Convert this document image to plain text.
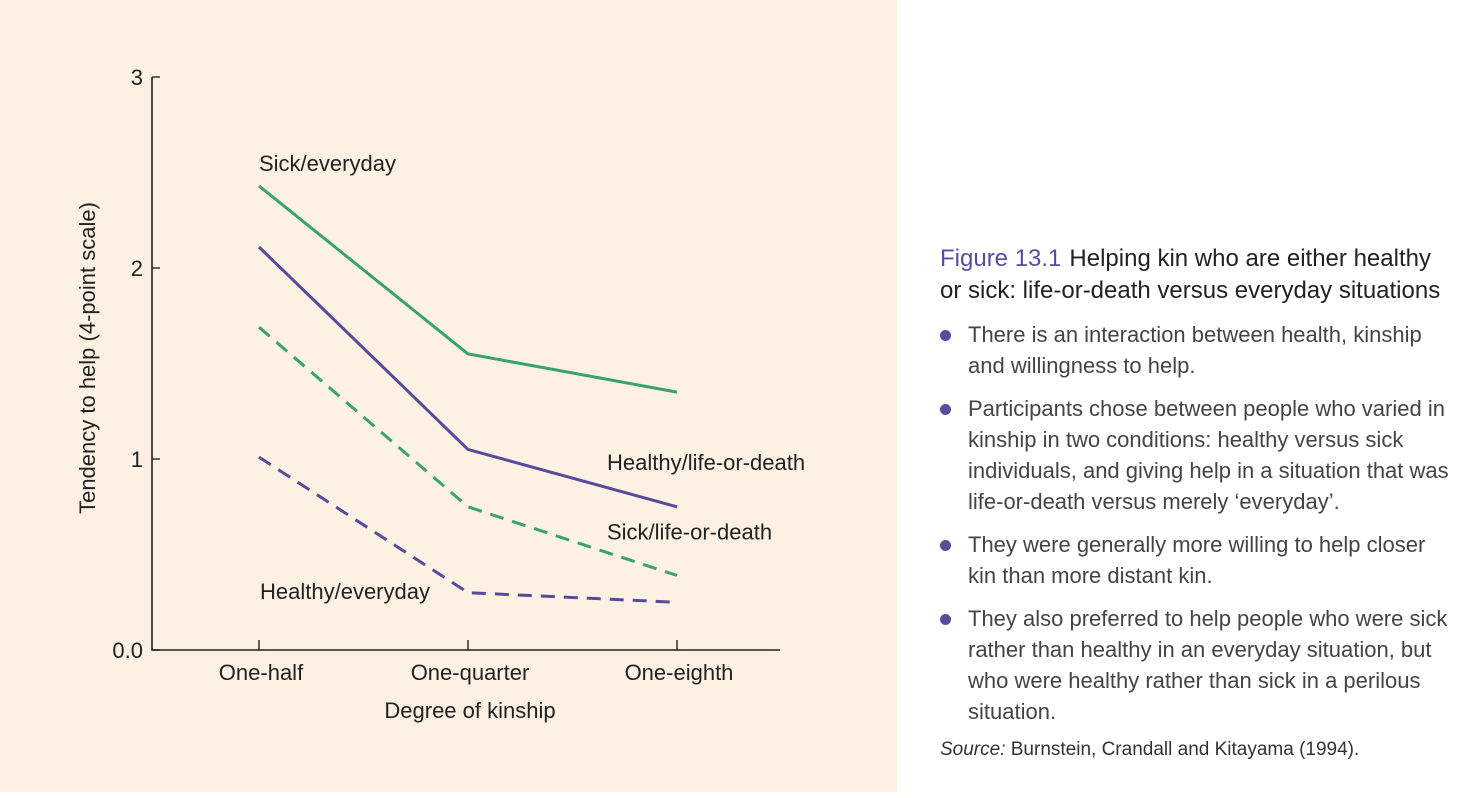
0.0
1
2
3
One-half	One-quarter	One-eighth
Sick/everyday
Healthy/life-or-death
Sick/life-or-death
Healthy/everyday
Degree of kinship
Tendency to help (4-point scale)	Figure 13.1 Helping kin who are either healthy or sick: life-or-death versus everyday situations
There is an interaction between health, kinship and willingness to help.
Participants chose between people who varied in kinship in two conditions: healthy versus sick individuals, and giving help in a situation that was life-or-death versus merely ‘everyday’.
They were generally more willing to help closer kin than more distant kin.
They also preferred to help people who were sick rather than healthy in an everyday situation, but who were healthy rather than sick in a perilous situation.
Source: Burnstein, Crandall and Kitayama (1994).
